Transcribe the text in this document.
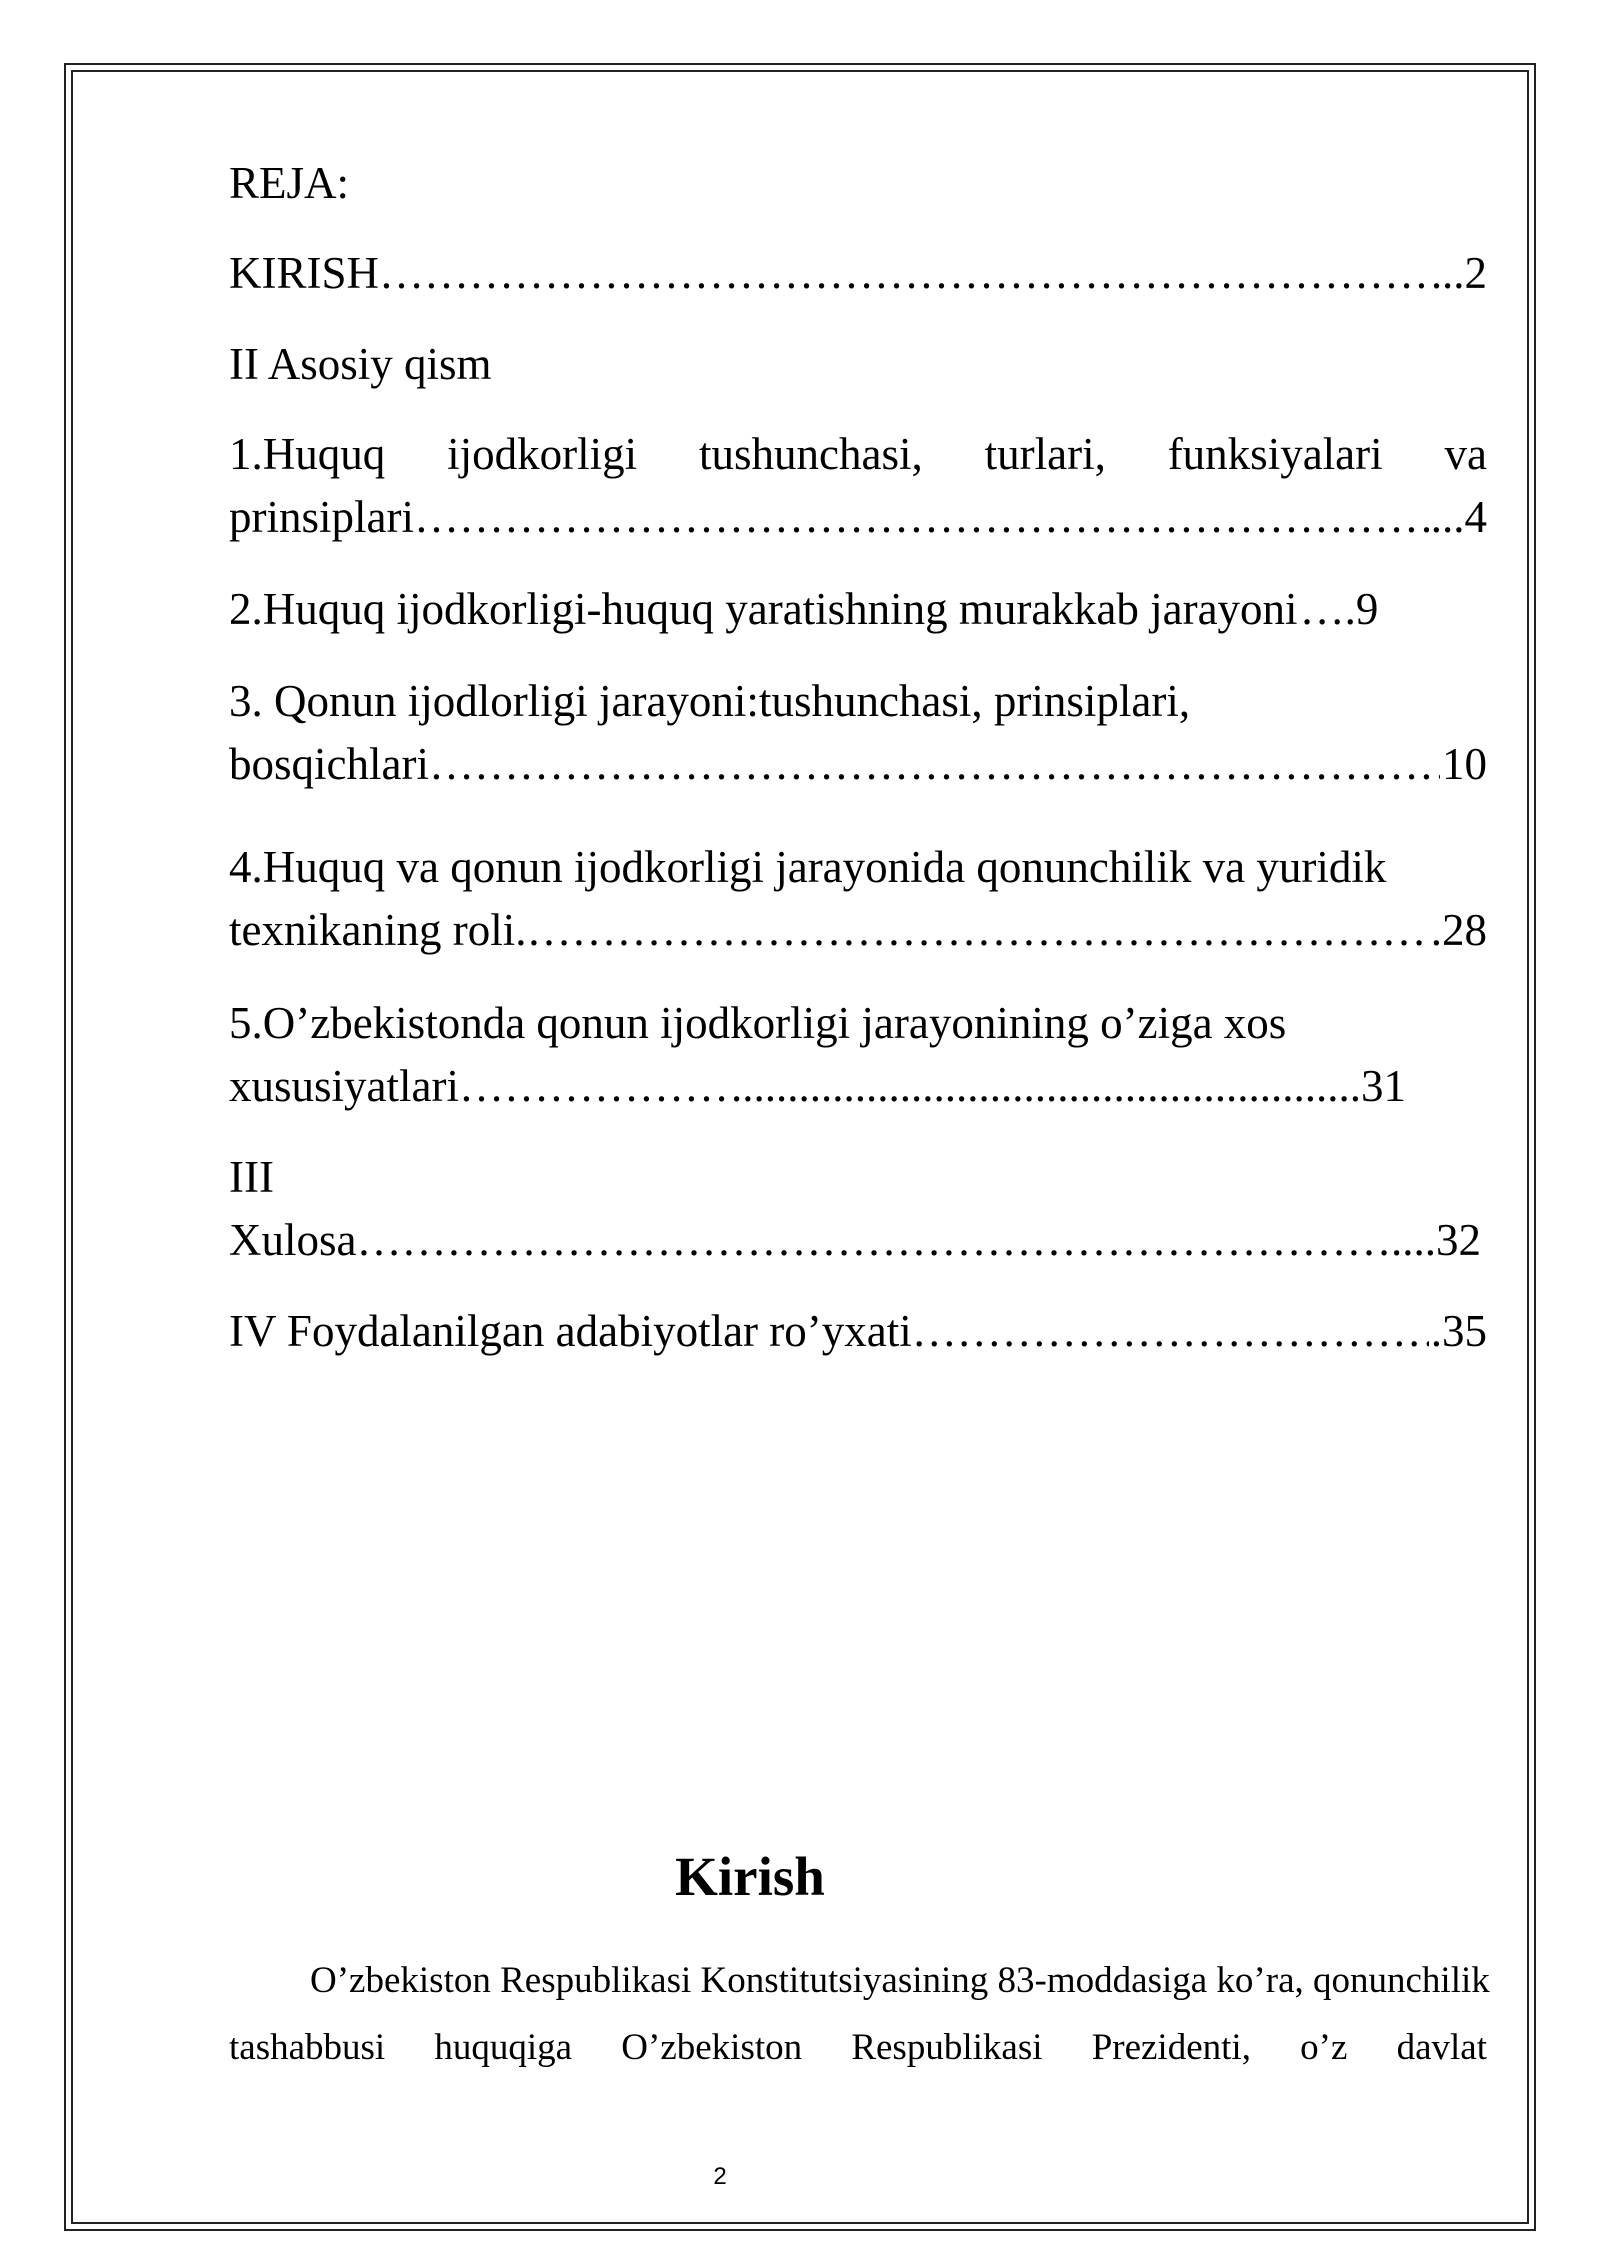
REJA:
KIRISH ……………………………………………………………………………………………………………………………………………………………………………………………………	..2
II Asosiy qism
1.Huquq ijodkorligi tushunchasi, turlari, funksiyalari va
prinsiplari ……………………………………………………………………………………………………………………………………………………………………………………………………	...4
2.Huquq ijodkorligi-huquq yaratishning murakkab jarayoni ….9
3. Qonun ijodlorligi jarayoni:tushunchasi, prinsiplari,
bosqichlari ……………………………………………………………………………………………………………………………………………………………………………………………………	10
4.Huquq va qonun ijodkorligi jarayonida qonunchilik va yuridik
texnikaning roli. ……………………………………………………………………………………………………………………………………………………………………………………………………	.28
5.O’zbekistonda qonun ijodkorligi jarayonining o’ziga xos
xususiyatlari……………… ........................................................31
III
Xulosa ……………………………………………………………………………………………………………………………………………………………………………………………………	....32
IV Foydalanilgan adabiyotlar ro’yxati ……………………………………………………………………………………………………………………………………………………………………………………………………	.35
Kirish
O’zbekiston Respublikasi Konstitutsiyasining 83-moddasiga ko’ra, qonunchilik
tashabbusi huquqiga O’zbekiston Respublikasi Prezidenti, o’z davlat
2
